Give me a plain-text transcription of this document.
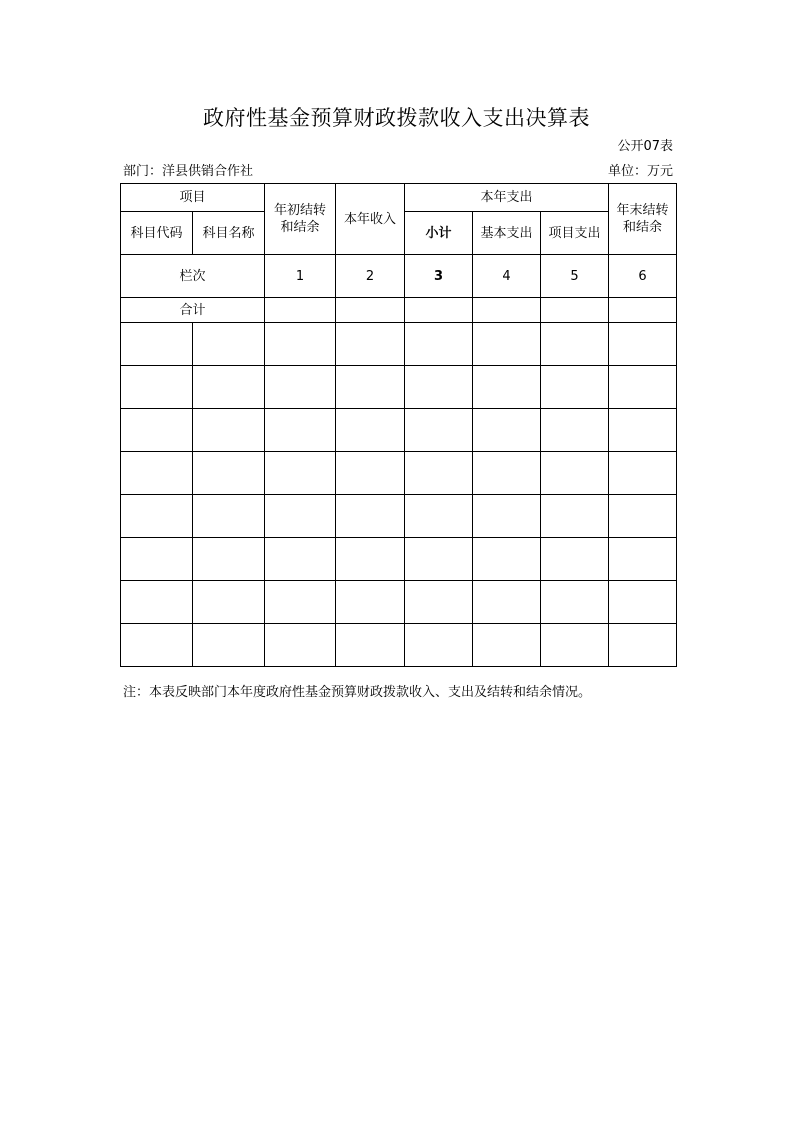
政府性基金预算财政拨款收入支出决算表
公开07表
部门：洋县供销合作社	单位：万元
项目		年初结转和结余	本年收入	本年支出			年末结转和结余

科目代码	科目名称			小计	基本支出	项目支出	
栏次		1	2	3	4	5	6
合计							

注：本表反映部门本年度政府性基金预算财政拨款收入、支出及结转和结余情况。
